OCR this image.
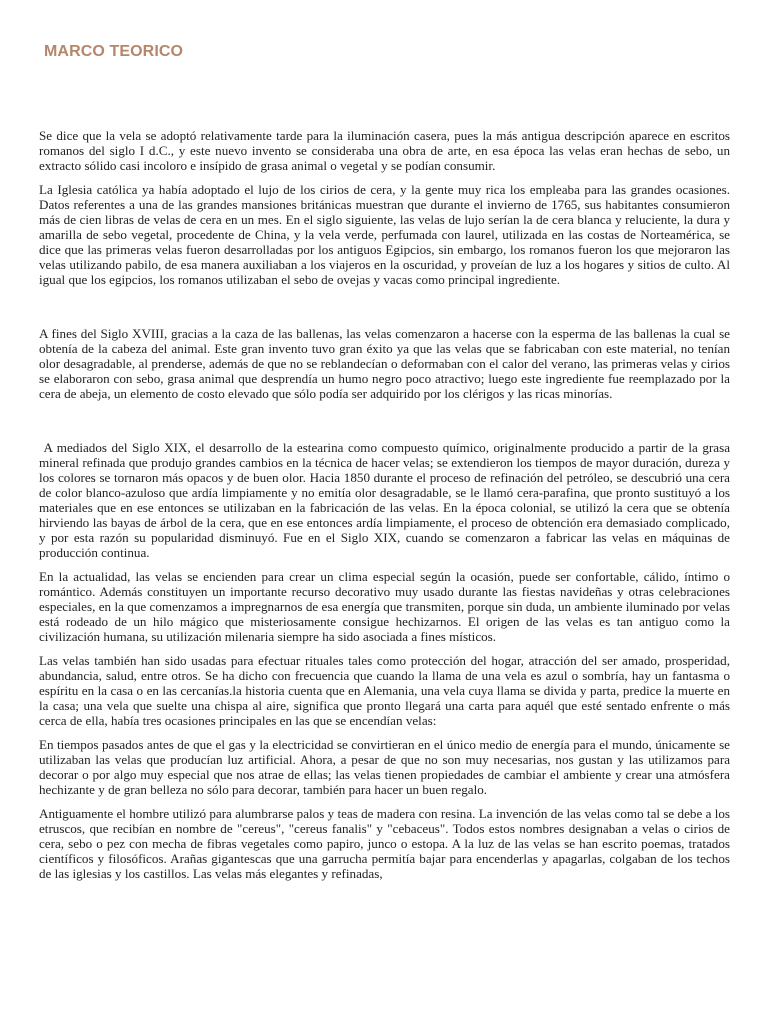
MARCO TEORICO

Se dice que la vela se adoptó relativamente tarde para la iluminación casera, pues la más antigua descripción aparece en escritos romanos del siglo I d.C., y este nuevo invento se consideraba una obra de arte, en esa época las velas eran hechas de sebo, un extracto sólido casi incoloro e insípido de grasa animal o vegetal y se podían consumir.

La Iglesia católica ya había adoptado el lujo de los cirios de cera, y la gente muy rica los empleaba para las grandes ocasiones. Datos referentes a una de las grandes mansiones británicas muestran que durante el invierno de 1765, sus habitantes consumieron más de cien libras de velas de cera en un mes. En el siglo siguiente, las velas de lujo serían la de cera blanca y reluciente, la dura y amarilla de sebo vegetal, procedente de China, y la vela verde, perfumada con laurel, utilizada en las costas de Norteamérica, se dice que las primeras velas fueron desarrolladas por los antiguos Egipcios, sin embargo, los romanos fueron los que mejoraron las velas utilizando pabilo, de esa manera auxiliaban a los viajeros en la oscuridad, y proveían de luz a los hogares y sitios de culto. Al igual que los egipcios, los romanos utilizaban el sebo de ovejas y vacas como principal ingrediente.

A fines del Siglo XVIII, gracias a la caza de las ballenas, las velas comenzaron a hacerse con la esperma de las ballenas la cual se obtenía de la cabeza del animal. Este gran invento tuvo gran éxito ya que las velas que se fabricaban con este material, no tenían olor desagradable, al prenderse, además de que no se reblandecían o deformaban con el calor del verano, las primeras velas y cirios se elaboraron con sebo, grasa animal que desprendía un humo negro poco atractivo; luego este ingrediente fue reemplazado por la cera de abeja, un elemento de costo elevado que sólo podía ser adquirido por los clérigos y las ricas minorías.

A mediados del Siglo XIX, el desarrollo de la estearina como compuesto químico, originalmente producido a partir de la grasa mineral refinada que produjo grandes cambios en la técnica de hacer velas; se extendieron los tiempos de mayor duración, dureza y los colores se tornaron más opacos y de buen olor. Hacia 1850 durante el proceso de refinación del petróleo, se descubrió una cera de color blanco-azuloso que ardía limpiamente y no emitía olor desagradable, se le llamó cera-parafina, que pronto sustituyó a los materiales que en ese entonces se utilizaban en la fabricación de las velas. En la época colonial, se utilizó la cera que se obtenía hirviendo las bayas de árbol de la cera, que en ese entonces ardía limpiamente, el proceso de obtención era demasiado complicado, y por esta razón su popularidad disminuyó. Fue en el Siglo XIX, cuando se comenzaron a fabricar las velas en máquinas de producción continua.

En la actualidad, las velas se encienden para crear un clima especial según la ocasión, puede ser confortable, cálido, íntimo o romántico. Además constituyen un importante recurso decorativo muy usado durante las fiestas navideñas y otras celebraciones especiales, en la que comenzamos a impregnarnos de esa energía que transmiten, porque sin duda, un ambiente iluminado por velas está rodeado de un hilo mágico que misteriosamente consigue hechizarnos. El origen de las velas es tan antiguo como la civilización humana, su utilización milenaria siempre ha sido asociada a fines místicos.

Las velas también han sido usadas para efectuar rituales tales como protección del hogar, atracción del ser amado, prosperidad, abundancia, salud, entre otros. Se ha dicho con frecuencia que cuando la llama de una vela es azul o sombría, hay un fantasma o espíritu en la casa o en las cercanías.la historia cuenta que en Alemania, una vela cuya llama se divida y parta, predice la muerte en la casa; una vela que suelte una chispa al aire, significa que pronto llegará una carta para aquél que esté sentado enfrente o más cerca de ella, había tres ocasiones principales en las que se encendían velas:

En tiempos pasados antes de que el gas y la electricidad se convirtieran en el único medio de energía para el mundo, únicamente se utilizaban las velas que producían luz artificial. Ahora, a pesar de que no son muy necesarias, nos gustan y las utilizamos para decorar o por algo muy especial que nos atrae de ellas; las velas tienen propiedades de cambiar el ambiente y crear una atmósfera hechizante y de gran belleza no sólo para decorar, también para hacer un buen regalo.

Antiguamente el hombre utilizó para alumbrarse palos y teas de madera con resina. La invención de las velas como tal se debe a los etruscos, que recibían en nombre de "cereus", "cereus fanalis" y "cebaceus". Todos estos nombres designaban a velas o cirios de cera, sebo o pez con mecha de fibras vegetales como papiro, junco o estopa. A la luz de las velas se han escrito poemas, tratados científicos y filosóficos. Arañas gigantescas que una garrucha permitía bajar para encenderlas y apagarlas, colgaban de los techos de las iglesias y los castillos. Las velas más elegantes y refinadas,
